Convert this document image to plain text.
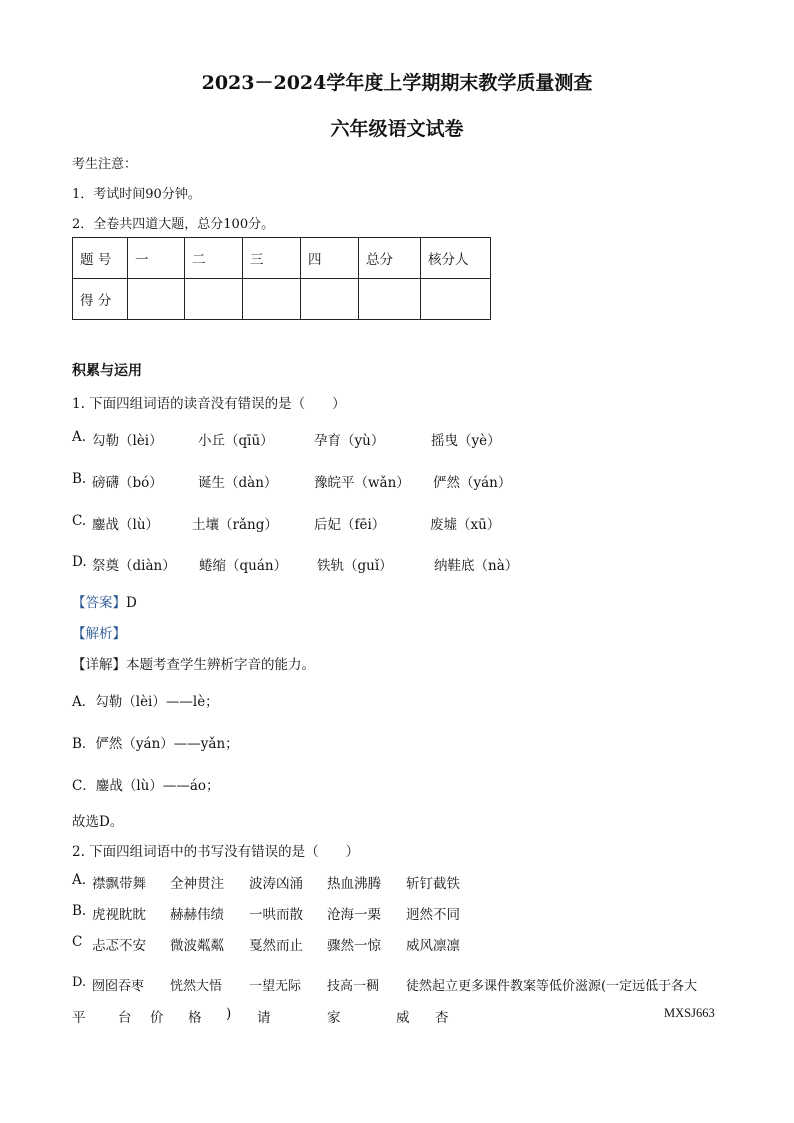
2023－2024学年度上学期期末教学质量测查
六年级语文试卷
考生注意：
1．考试时间90分钟。
2．全卷共四道大题，总分100分。
题 号	一	二	三	四	总分	核分人
得 分						
积累与运用
1. 下面四组词语的读音没有错误的是（　　）
A. 勾勒（lèi）	小丘（qīū）	孕育（yù）	摇曳（yè）
B. 磅礴（bó）	诞生（dàn）	豫皖平（wǎn） 俨然（yán）
C. 鏖战（lù） 土壤（rǎng）	后妃（fēi）	废墟（xū）
D. 祭奠（diàn） 蜷缩（quán） 铁轨（guǐ）	纳鞋底（nà）
【答案】D
【解析】
【详解】本题考查学生辨析字音的能力。
A．勾勒（lèi）——lè；
B．俨然（yán）——yǎn；
C．鏖战（lù）——áo；
故选D。
2. 下面四组词语中的书写没有错误的是（　　）
A. 襟飘带舞 全神贯注 波涛凶涌 热血沸腾 斩钉截铁
B. 虎视眈眈 赫赫伟绩 一哄而散 沧海一栗 迥然不同
C 忐忑不安 微波粼粼 戛然而止 骤然一惊 威风凛凛
D. 囫囵吞枣 恍然大悟 一望无际 技高一稠 徒然起立更多课件教案等低价滋源(一定远低于各大
平 台 价 格 ) 请	家	威 杏	MXSJ663
